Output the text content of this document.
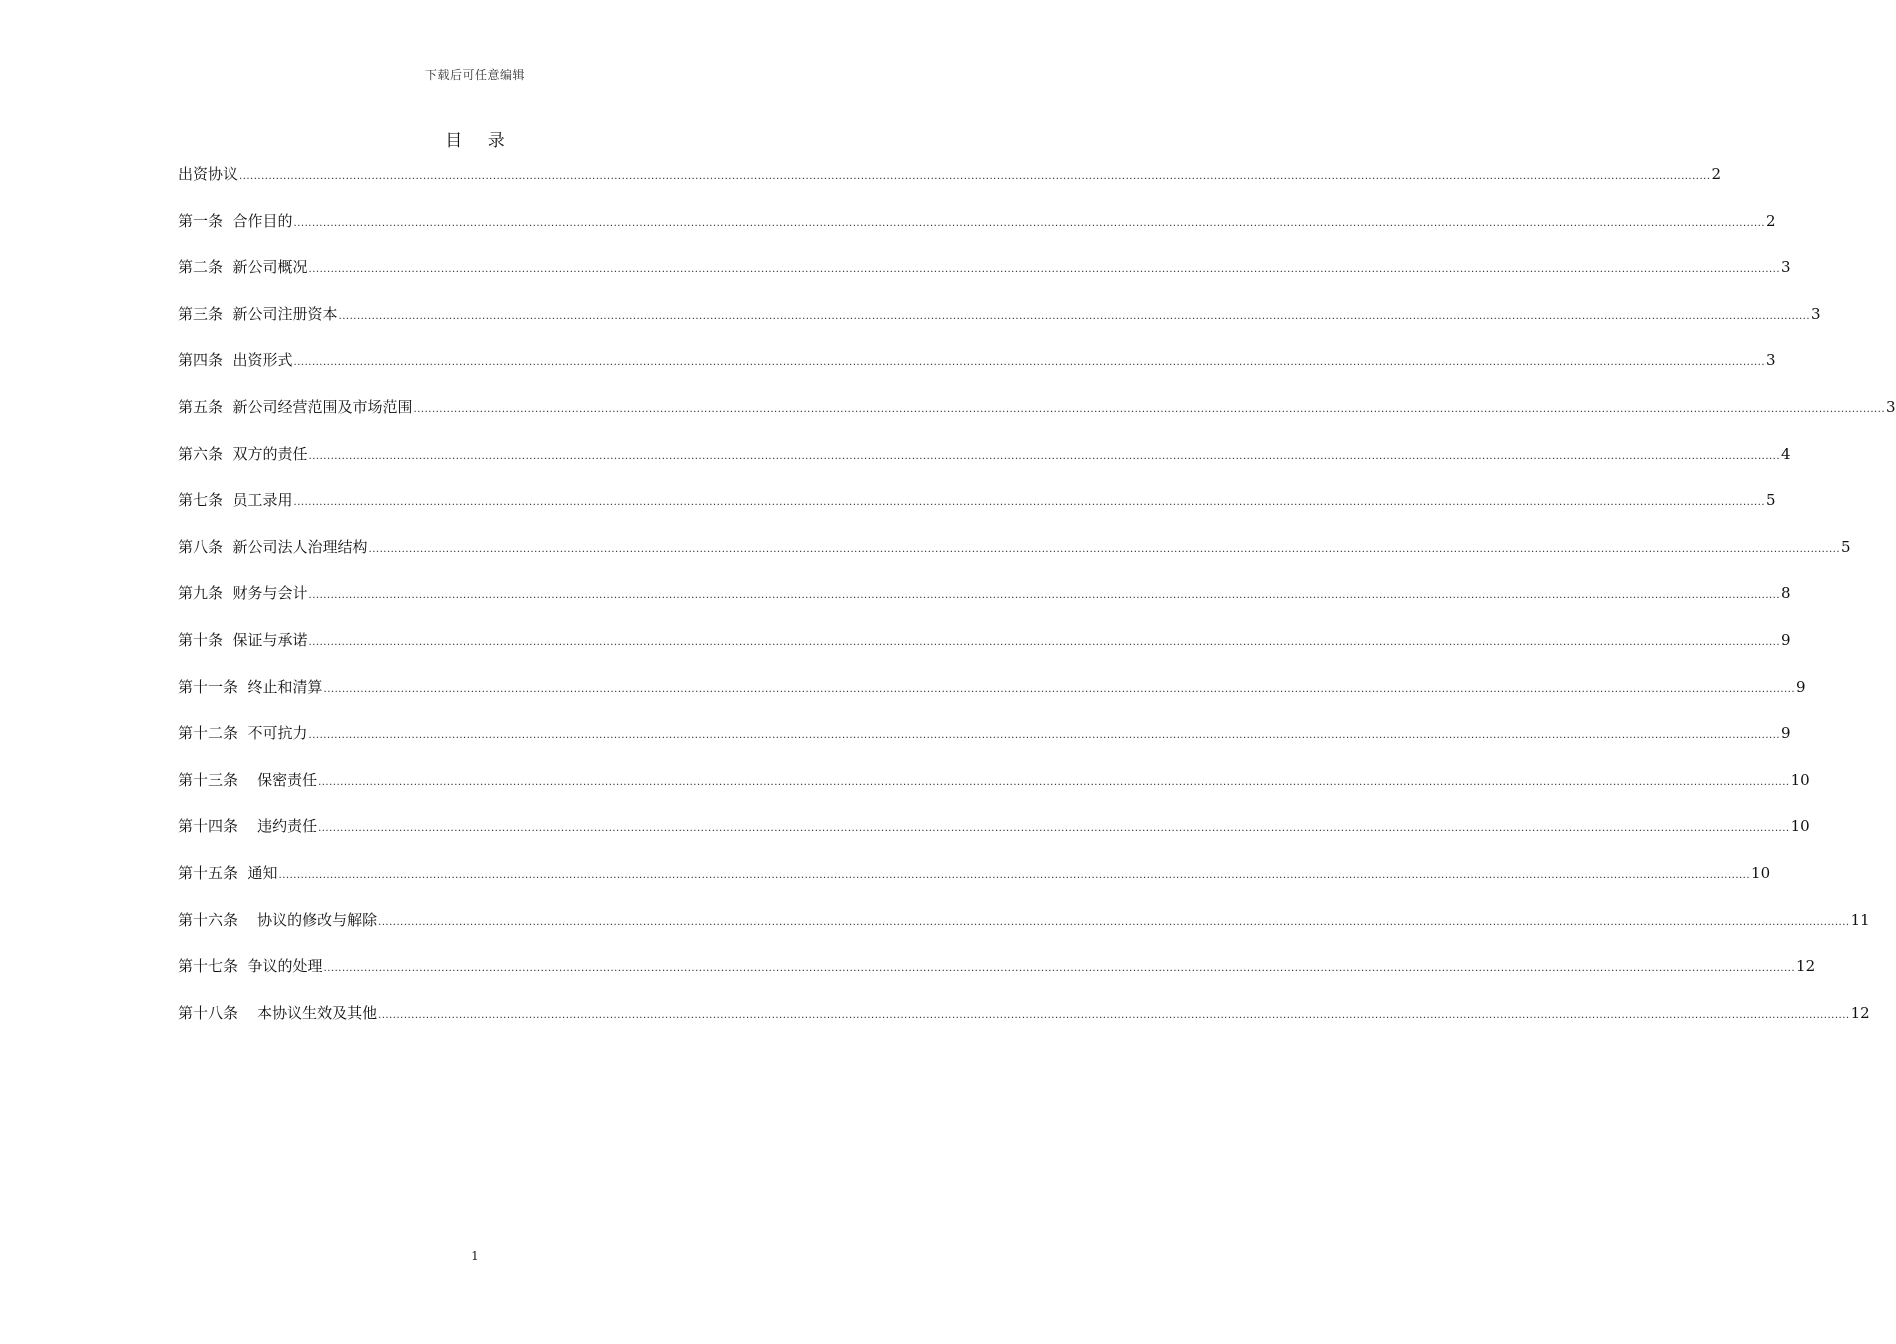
下载后可任意编辑
目 录
出资协议 ................................................................................................................................................................................................................................................................................................................................................................................................................ 2
第一条  合作目的 ................................................................................................................................................................................................................................................................................................................................................................................................................ 2
第二条  新公司概况 ................................................................................................................................................................................................................................................................................................................................................................................................................ 3
第三条  新公司注册资本 ................................................................................................................................................................................................................................................................................................................................................................................................................ 3
第四条  出资形式 ................................................................................................................................................................................................................................................................................................................................................................................................................ 3
第五条  新公司经营范围及市场范围 ................................................................................................................................................................................................................................................................................................................................................................................................................ 3
第六条  双方的责任 ................................................................................................................................................................................................................................................................................................................................................................................................................ 4
第七条  员工录用 ................................................................................................................................................................................................................................................................................................................................................................................................................ 5
第八条  新公司法人治理结构 ................................................................................................................................................................................................................................................................................................................................................................................................................ 5
第九条  财务与会计 ................................................................................................................................................................................................................................................................................................................................................................................................................ 8
第十条  保证与承诺 ................................................................................................................................................................................................................................................................................................................................................................................................................ 9
第十一条  终止和清算 ................................................................................................................................................................................................................................................................................................................................................................................................................ 9
第十二条  不可抗力 ................................................................................................................................................................................................................................................................................................................................................................................................................ 9
第十三条    保密责任 ................................................................................................................................................................................................................................................................................................................................................................................................................ 10
第十四条    违约责任 ................................................................................................................................................................................................................................................................................................................................................................................................................ 10
第十五条  通知 ................................................................................................................................................................................................................................................................................................................................................................................................................ 10
第十六条    协议的修改与解除 ................................................................................................................................................................................................................................................................................................................................................................................................................ 11
第十七条  争议的处理 ................................................................................................................................................................................................................................................................................................................................................................................................................ 12
第十八条    本协议生效及其他 ................................................................................................................................................................................................................................................................................................................................................................................................................ 12
1
